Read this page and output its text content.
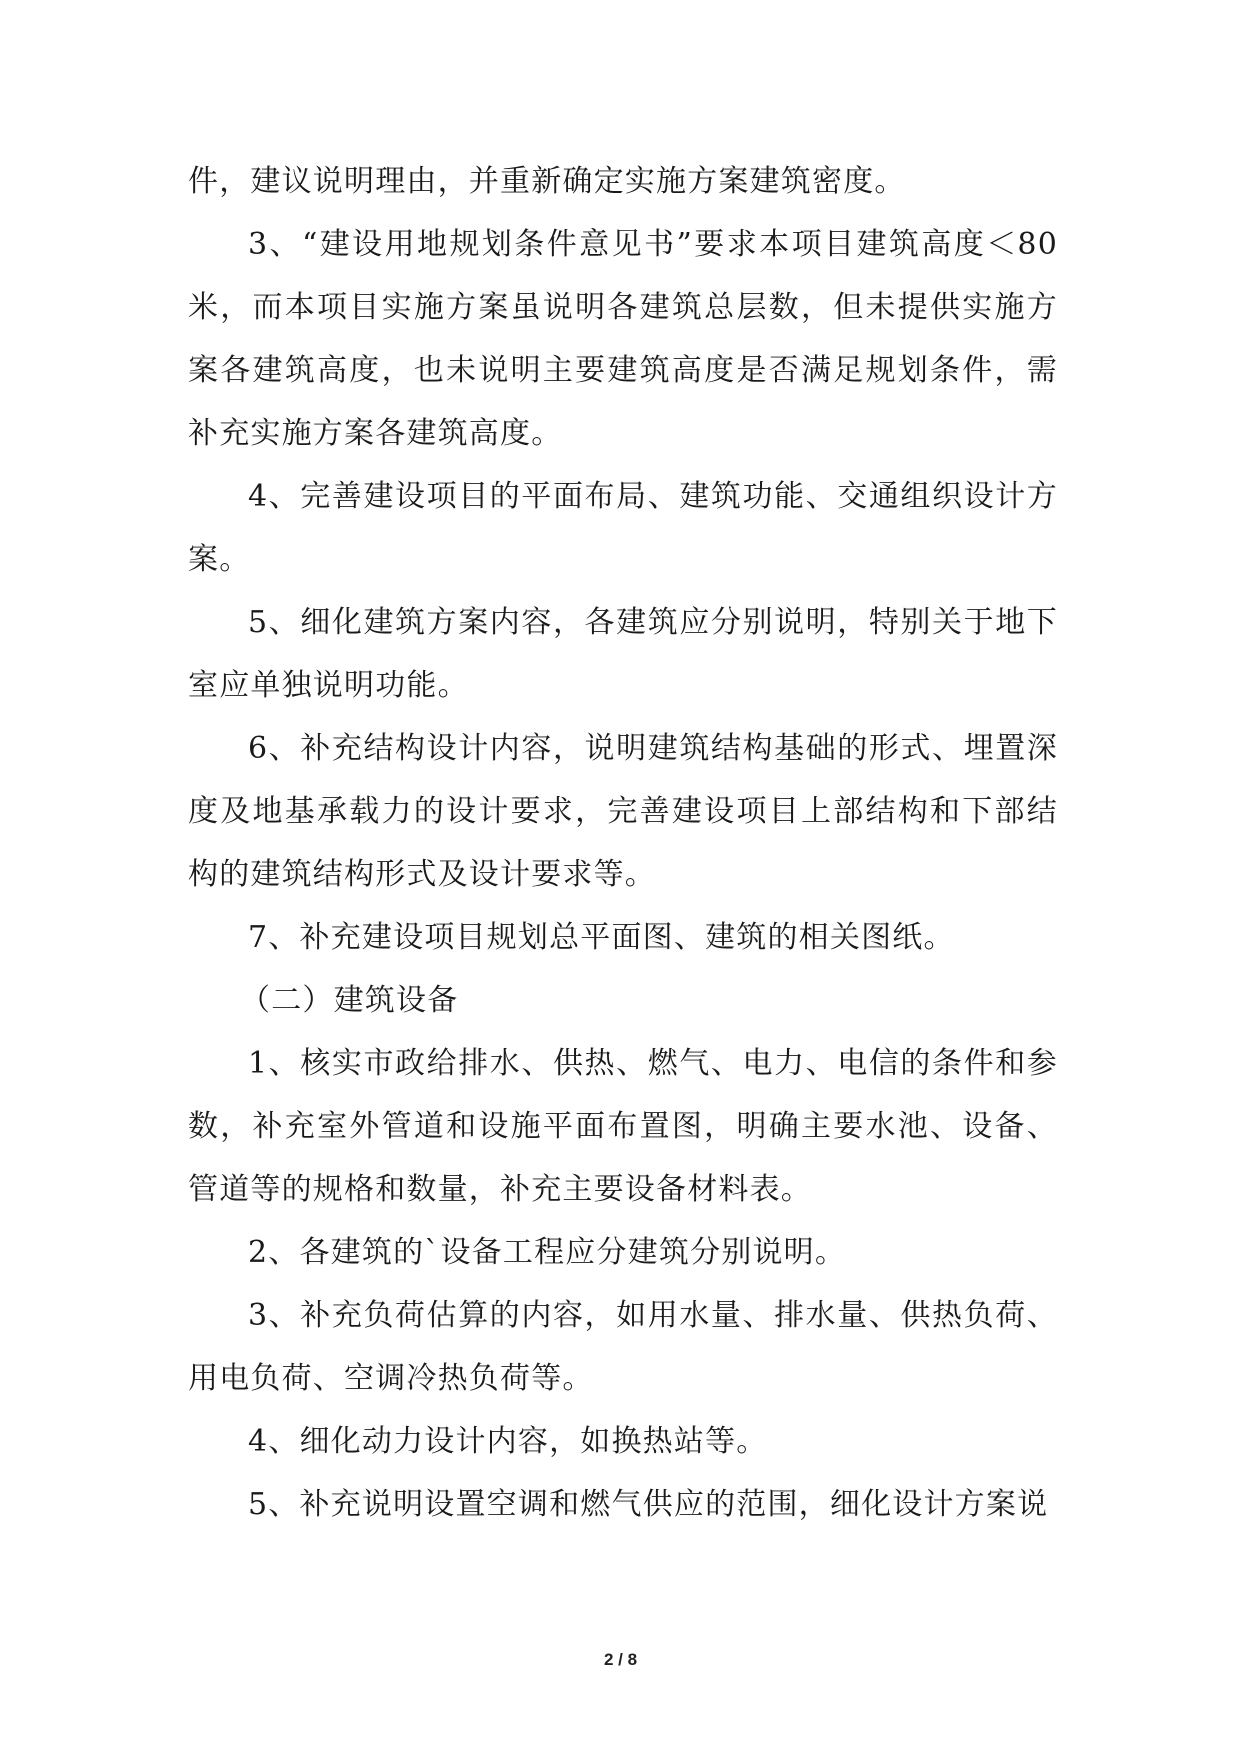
件，建议说明理由，并重新确定实施方案建筑密度。

3、“建设用地规划条件意见书”要求本项目建筑高度＜80米，而本项目实施方案虽说明各建筑总层数，但未提供实施方案各建筑高度，也未说明主要建筑高度是否满足规划条件，需补充实施方案各建筑高度。

4、完善建设项目的平面布局、建筑功能、交通组织设计方案。

5、细化建筑方案内容，各建筑应分别说明，特别关于地下室应单独说明功能。

6、补充结构设计内容，说明建筑结构基础的形式、埋置深度及地基承载力的设计要求，完善建设项目上部结构和下部结构的建筑结构形式及设计要求等。

7、补充建设项目规划总平面图、建筑的相关图纸。

（二）建筑设备

1、核实市政给排水、供热、燃气、电力、电信的条件和参数，补充室外管道和设施平面布置图，明确主要水池、设备、管道等的规格和数量，补充主要设备材料表。

2、各建筑的`设备工程应分建筑分别说明。

3、补充负荷估算的内容，如用水量、排水量、供热负荷、用电负荷、空调冷热负荷等。

4、细化动力设计内容，如换热站等。

5、补充说明设置空调和燃气供应的范围，细化设计方案说

2 / 8
